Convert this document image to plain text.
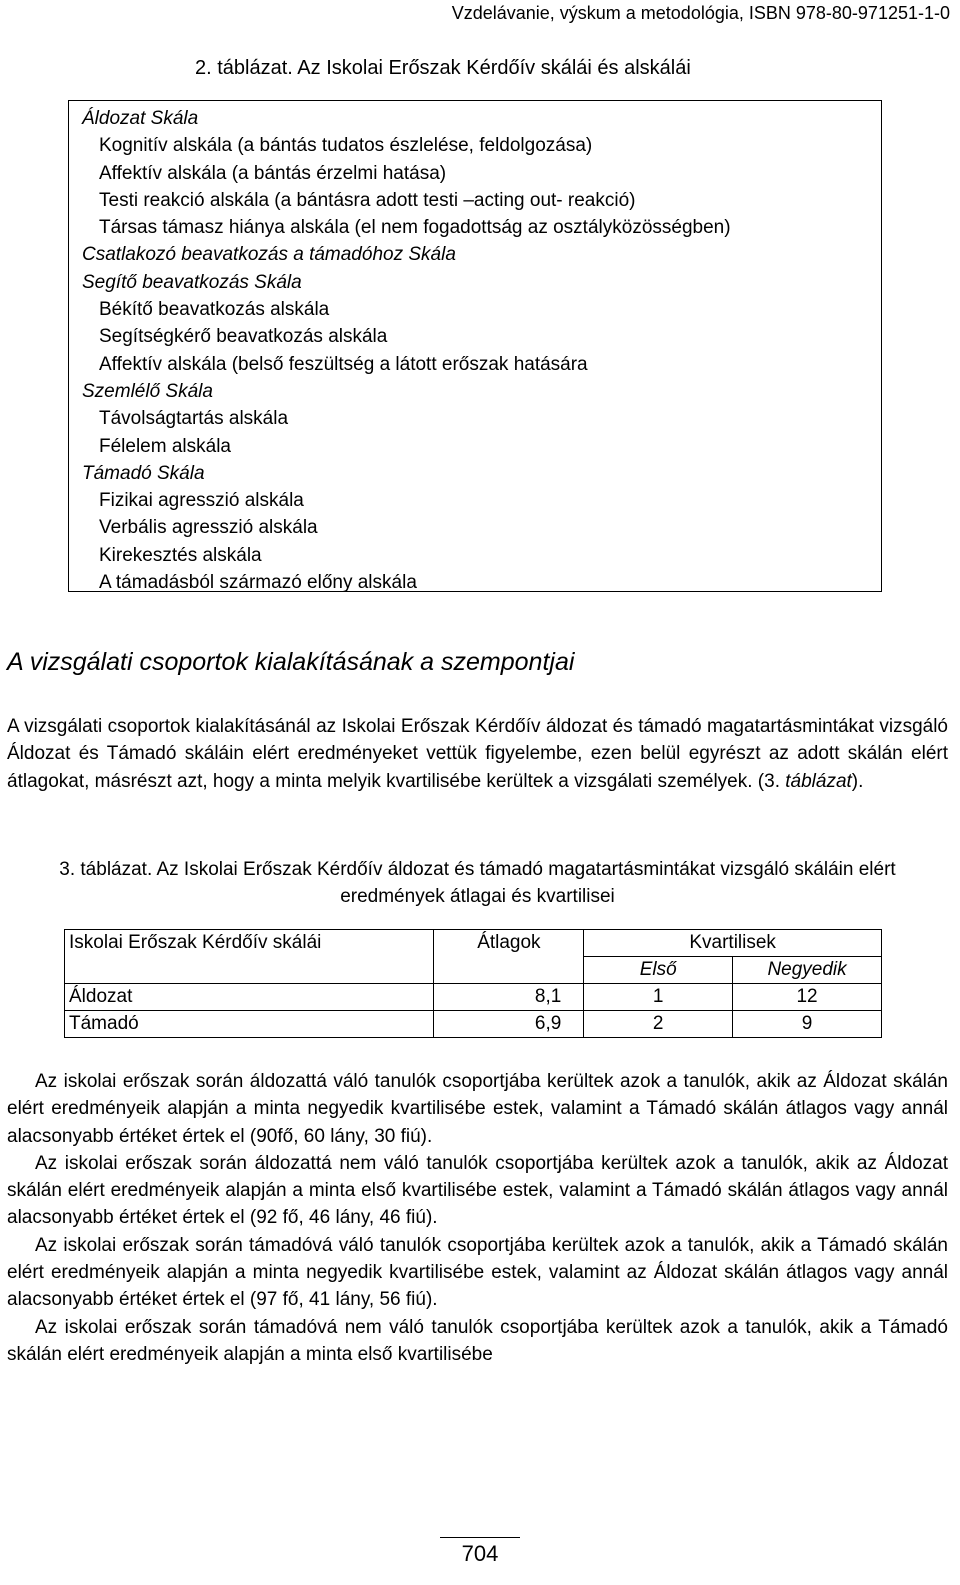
Vzdelávanie, výskum a metodológia, ISBN 978-80-971251-1-0
2. táblázat. Az Iskolai Erőszak Kérdőív skálái és alskálái
Áldozat Skála
Kognitív alskála (a bántás tudatos észlelése, feldolgozása)
Affektív alskála (a bántás érzelmi hatása)
Testi reakció alskála (a bántásra adott testi –acting out- reakció)
Társas támasz hiánya alskála (el nem fogadottság az osztályközösségben)
Csatlakozó beavatkozás a támadóhoz Skála
Segítő beavatkozás Skála
Békítő beavatkozás alskála
Segítségkérő beavatkozás alskála
Affektív alskála (belső feszültség a látott erőszak hatására
Szemlélő Skála
Távolságtartás alskála
Félelem alskála
Támadó Skála
Fizikai agresszió alskála
Verbális agresszió alskála
Kirekesztés alskála
A támadásból származó előny alskála
A vizsgálati csoportok kialakításának a szempontjai
A vizsgálati csoportok kialakításánál az Iskolai Erőszak Kérdőív áldozat és támadó magatartásmintákat vizsgáló Áldozat és Támadó skáláin elért eredményeket vettük figyelembe, ezen belül egyrészt az adott skálán elért átlagokat, másrészt azt, hogy a minta melyik kvartilisébe kerültek a vizsgálati személyek. (3. táblázat).
3. táblázat. Az Iskolai Erőszak Kérdőív áldozat és támadó magatartásmintákat vizsgáló skáláin elért eredmények átlagai és kvartilisei
Iskolai Erőszak Kérdőív skálái	Átlagok	Kvartilisek	
		Első	Negyedik
Áldozat	8,1	1	12
Támadó	6,9	2	9

Az iskolai erőszak során áldozattá váló tanulók csoportjába kerültek azok a tanulók, akik az Áldozat skálán elért eredményeik alapján a minta negyedik kvartilisébe estek, valamint a Támadó skálán átlagos vagy annál alacsonyabb értéket értek el (90fő, 60 lány, 30 fiú).

Az iskolai erőszak során áldozattá nem váló tanulók csoportjába kerültek azok a tanulók, akik az Áldozat skálán elért eredményeik alapján a minta első kvartilisébe estek, valamint a Támadó skálán átlagos vagy annál alacsonyabb értéket értek el (92 fő, 46 lány, 46 fiú).

Az iskolai erőszak során támadóvá váló tanulók csoportjába kerültek azok a tanulók, akik a Támadó skálán elért eredményeik alapján a minta negyedik kvartilisébe estek, valamint az Áldozat skálán átlagos vagy annál alacsonyabb értéket értek el (97 fő, 41 lány, 56 fiú).

Az iskolai erőszak során támadóvá nem váló tanulók csoportjába kerültek azok a tanulók, akik a Támadó skálán elért eredményeik alapján a minta első kvartilisébe

704
